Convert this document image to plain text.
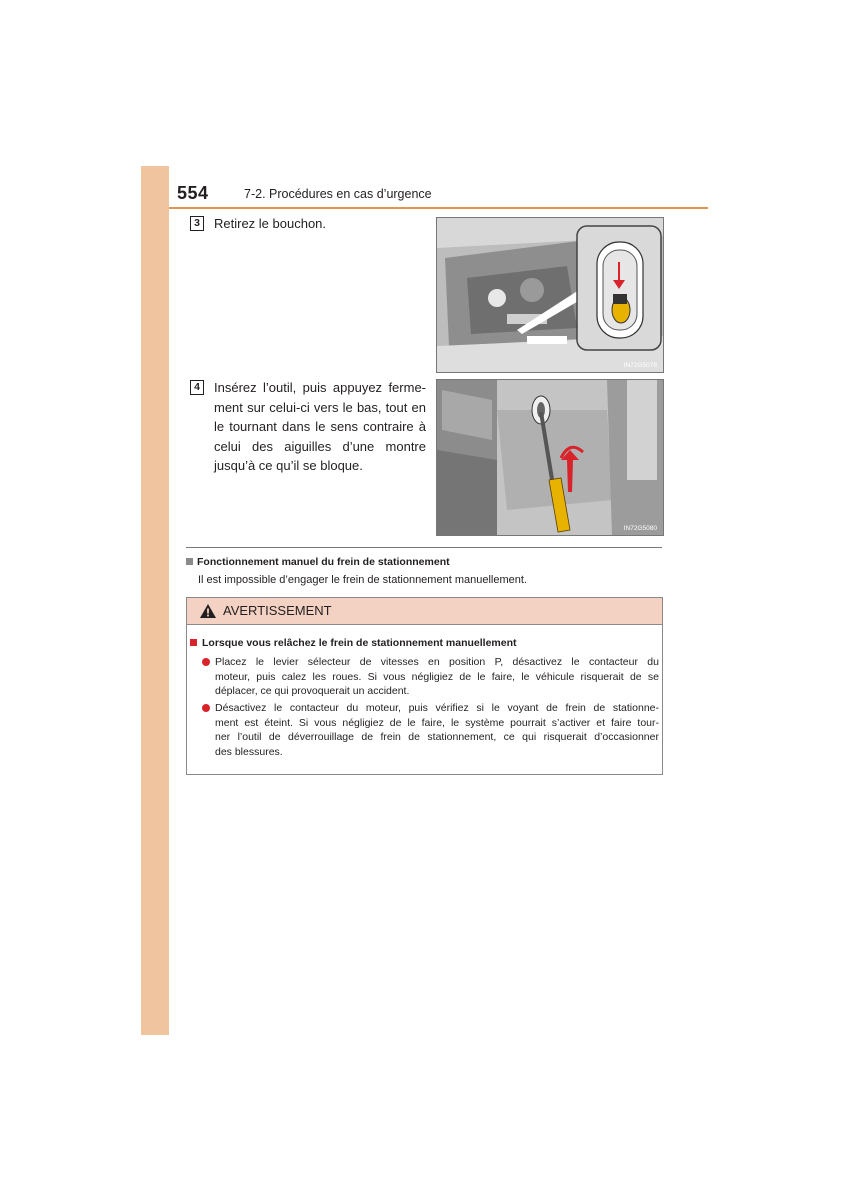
554	7-2. Procédures en cas d’urgence
3	Retirez le bouchon.
4	Insérez l’outil, puis appuyez ferme-
ment sur celui-ci vers le bas, tout en
le tournant dans le sens contraire à
celui des aiguilles d’une montre
jusqu’à ce qu’il se bloque.
IN72G5078
IN72G5080
Fonctionnement manuel du frein de stationnement
Il est impossible d’engager le frein de stationnement manuellement.
AVERTISSEMENT
Lorsque vous relâchez le frein de stationnement manuellement
Placez le levier sélecteur de vitesses en position P, désactivez le contacteur du
moteur, puis calez les roues. Si vous négligiez de le faire, le véhicule risquerait de se
déplacer, ce qui provoquerait un accident.
Désactivez le contacteur du moteur, puis vérifiez si le voyant de frein de stationne-
ment est éteint. Si vous négligiez de le faire, le système pourrait s’activer et faire tour-
ner l’outil de déverrouillage de frein de stationnement, ce qui risquerait d’occasionner
des blessures.
